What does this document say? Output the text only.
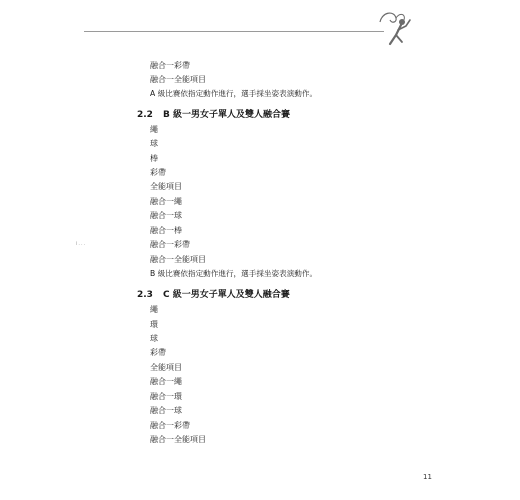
i...
融合一彩帶
融合一全能項目
A 級比賽依指定動作進行，選手採坐姿表演動作。
2.2 B 級一男女子單人及雙人融合賽
繩
球
棒
彩帶
全能項目
融合一繩
融合一球
融合一棒
融合一彩帶
融合一全能項目
B 級比賽依指定動作進行，選手採坐姿表演動作。
2.3 C 級一男女子單人及雙人融合賽
繩
環
球
彩帶
全能項目
融合一繩
融合一環
融合一球
融合一彩帶
融合一全能項目
11
